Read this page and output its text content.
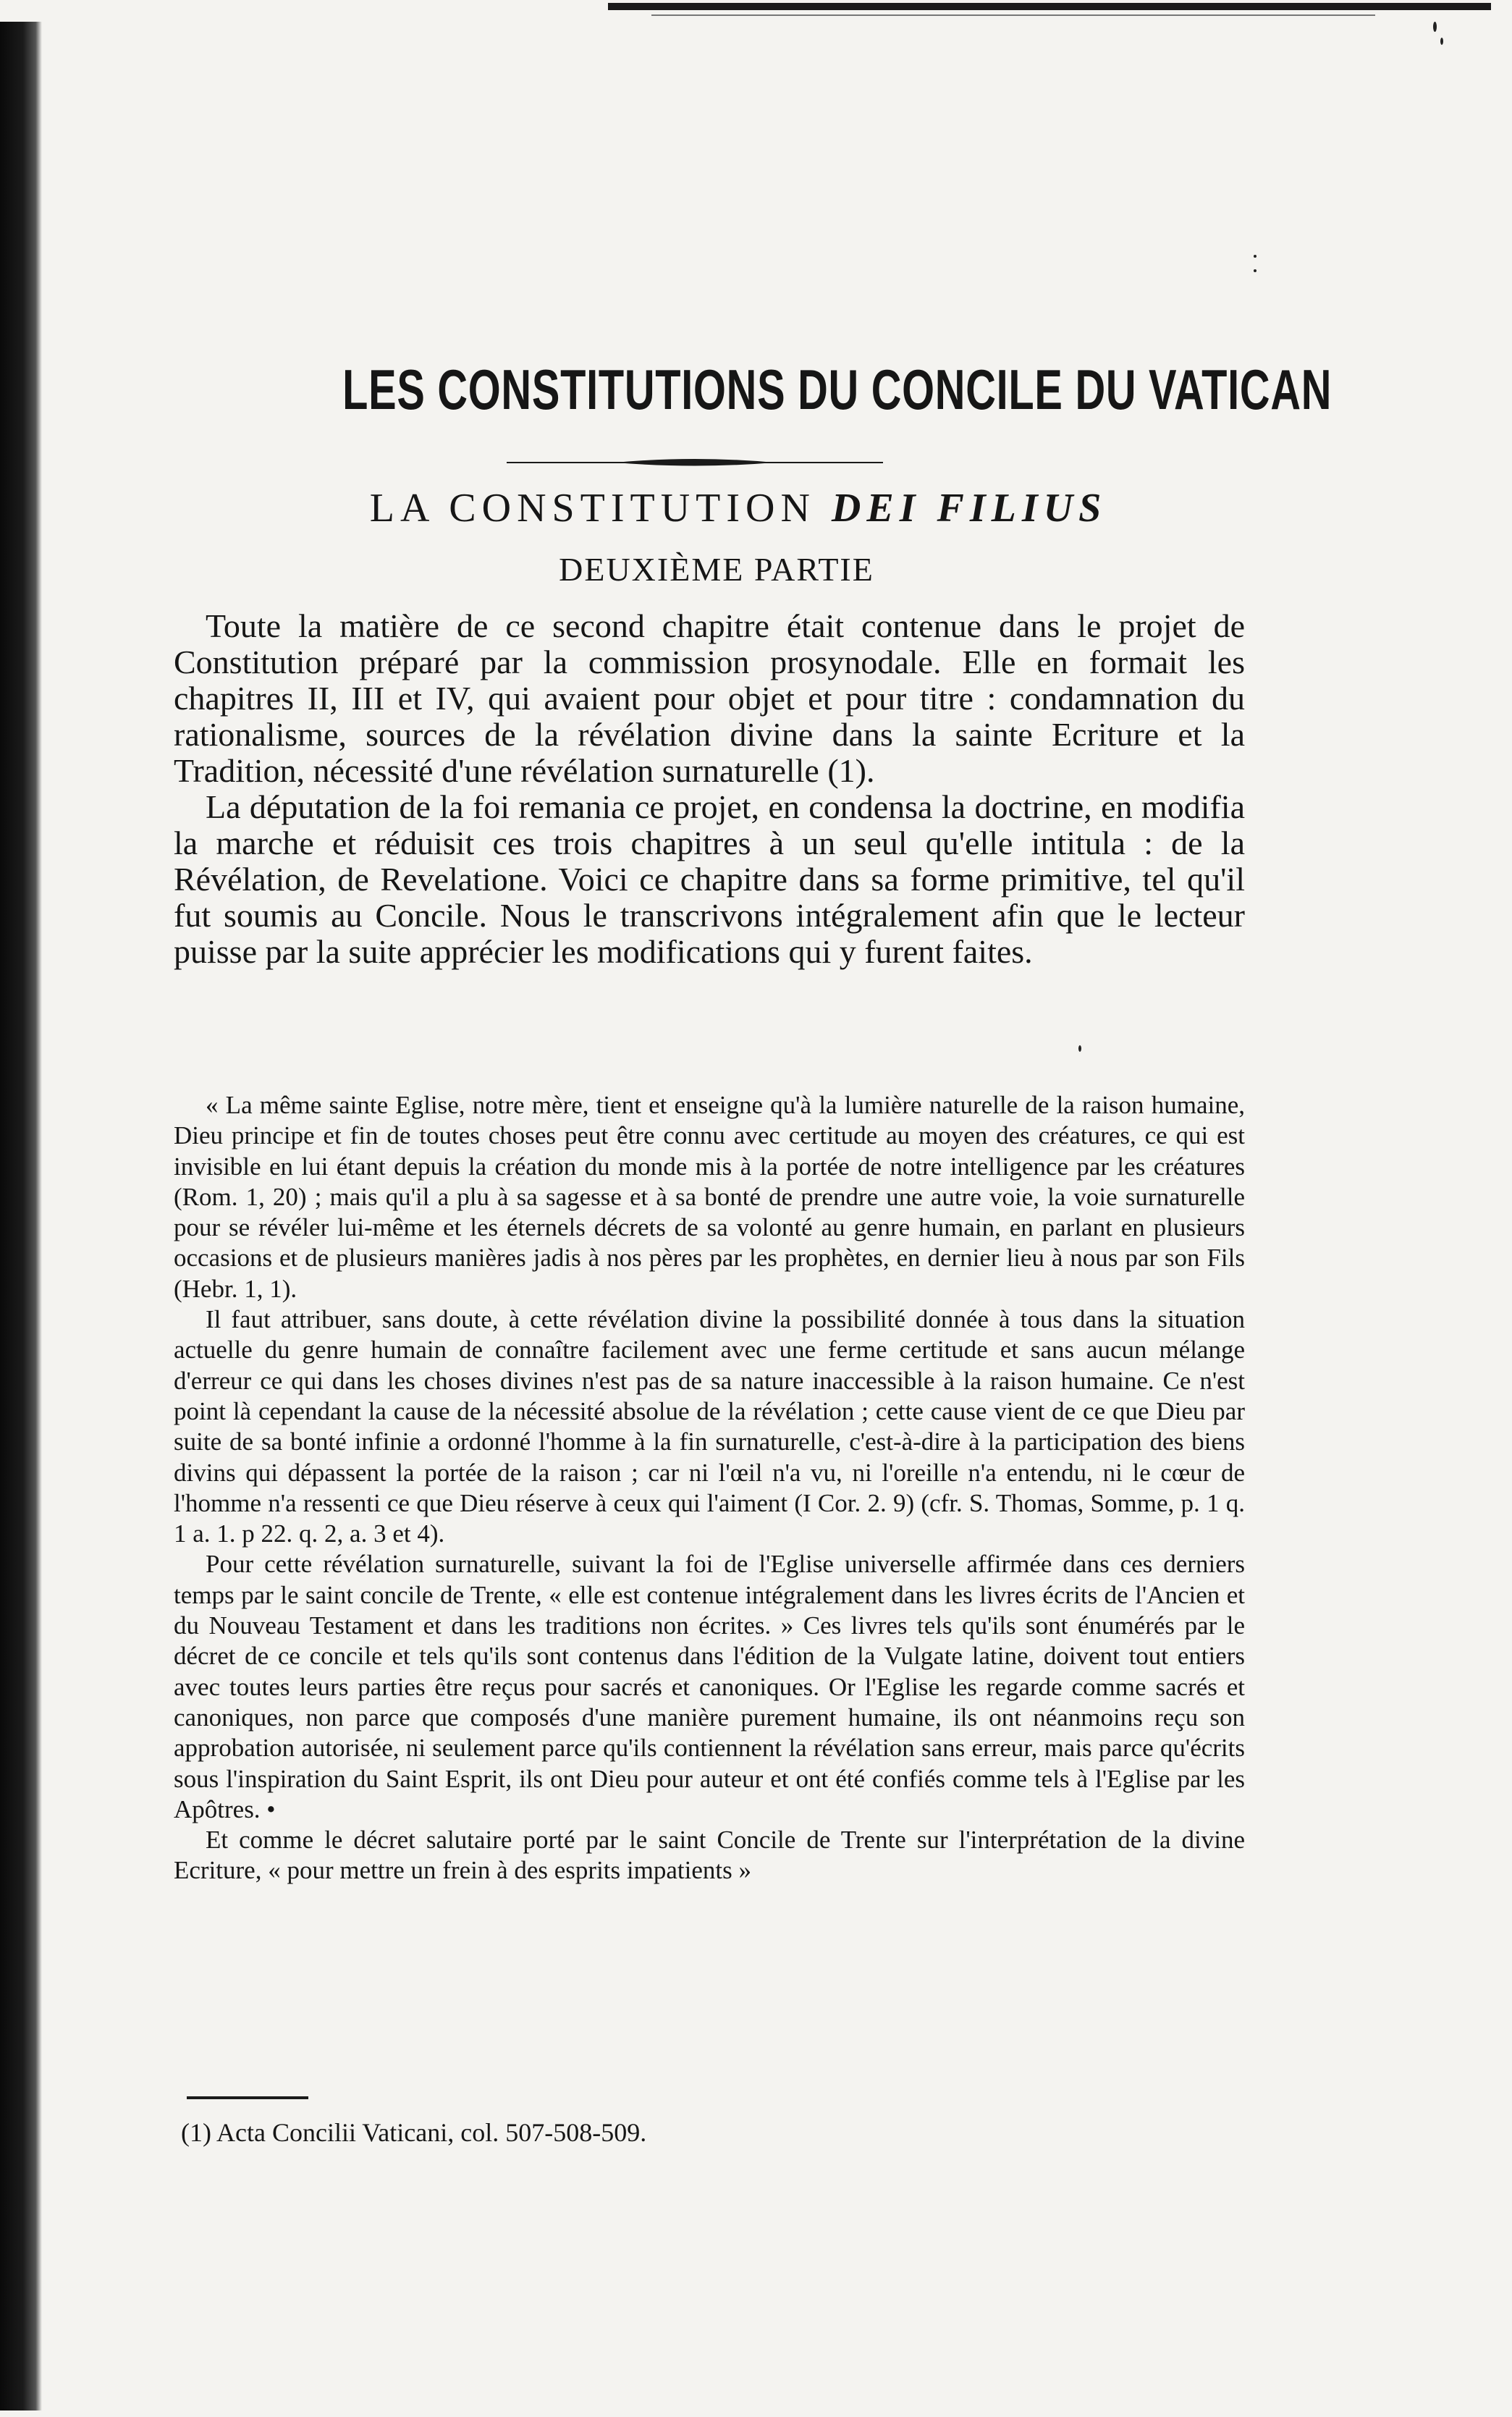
LES CONSTITUTIONS DU CONCILE DU VATICAN
LA CONSTITUTION DEI FILIUS
DEUXIÈME PARTIE

Toute la matière de ce second chapitre était contenue dans le projet de Constitution préparé par la commission prosynodale. Elle en formait les chapitres II, III et IV, qui avaient pour objet et pour titre : condamnation du rationalisme, sources de la révélation divine dans la sainte Ecriture et la Tradition, nécessité d'une révélation surnaturelle (1).

La députation de la foi remania ce projet, en condensa la doctrine, en modifia la marche et réduisit ces trois chapitres à un seul qu'elle intitula : de la Révélation, de Revelatione. Voici ce chapitre dans sa forme primitive, tel qu'il fut soumis au Concile. Nous le transcrivons intégralement afin que le lecteur puisse par la suite apprécier les modifications qui y furent faites.

« La même sainte Eglise, notre mère, tient et enseigne qu'à la lumière naturelle de la raison humaine, Dieu principe et fin de toutes choses peut être connu avec certitude au moyen des créatures, ce qui est invisible en lui étant depuis la création du monde mis à la portée de notre intelligence par les créatures (Rom. 1, 20) ; mais qu'il a plu à sa sagesse et à sa bonté de prendre une autre voie, la voie surnaturelle pour se révéler lui-même et les éternels décrets de sa volonté au genre humain, en parlant en plusieurs occasions et de plusieurs manières jadis à nos pères par les prophètes, en dernier lieu à nous par son Fils (Hebr. 1, 1).

Il faut attribuer, sans doute, à cette révélation divine la possibilité donnée à tous dans la situation actuelle du genre humain de connaître facilement avec une ferme certitude et sans aucun mélange d'erreur ce qui dans les choses divines n'est pas de sa nature inaccessible à la raison humaine. Ce n'est point là cependant la cause de la nécessité absolue de la révélation ; cette cause vient de ce que Dieu par suite de sa bonté infinie a ordonné l'homme à la fin surnaturelle, c'est-à-dire à la participation des biens divins qui dépassent la portée de la raison ; car ni l'œil n'a vu, ni l'oreille n'a entendu, ni le cœur de l'homme n'a ressenti ce que Dieu réserve à ceux qui l'aiment (I Cor. 2. 9) (cfr. S. Thomas, Somme, p. 1 q. 1 a. 1. p 22. q. 2, a. 3 et 4).

Pour cette révélation surnaturelle, suivant la foi de l'Eglise universelle affirmée dans ces derniers temps par le saint concile de Trente, « elle est contenue intégralement dans les livres écrits de l'Ancien et du Nouveau Testament et dans les traditions non écrites. » Ces livres tels qu'ils sont énumérés par le décret de ce concile et tels qu'ils sont contenus dans l'édition de la Vulgate latine, doivent tout entiers avec toutes leurs parties être reçus pour sacrés et canoniques. Or l'Eglise les regarde comme sacrés et canoniques, non parce que composés d'une manière purement humaine, ils ont néanmoins reçu son approbation autorisée, ni seulement parce qu'ils contiennent la révélation sans erreur, mais parce qu'écrits sous l'inspiration du Saint Esprit, ils ont Dieu pour auteur et ont été confiés comme tels à l'Eglise par les Apôtres. •

Et comme le décret salutaire porté par le saint Concile de Trente sur l'interprétation de la divine Ecriture, « pour mettre un frein à des esprits impatients »

(1) Acta Concilii Vaticani, col. 507-508-509.
